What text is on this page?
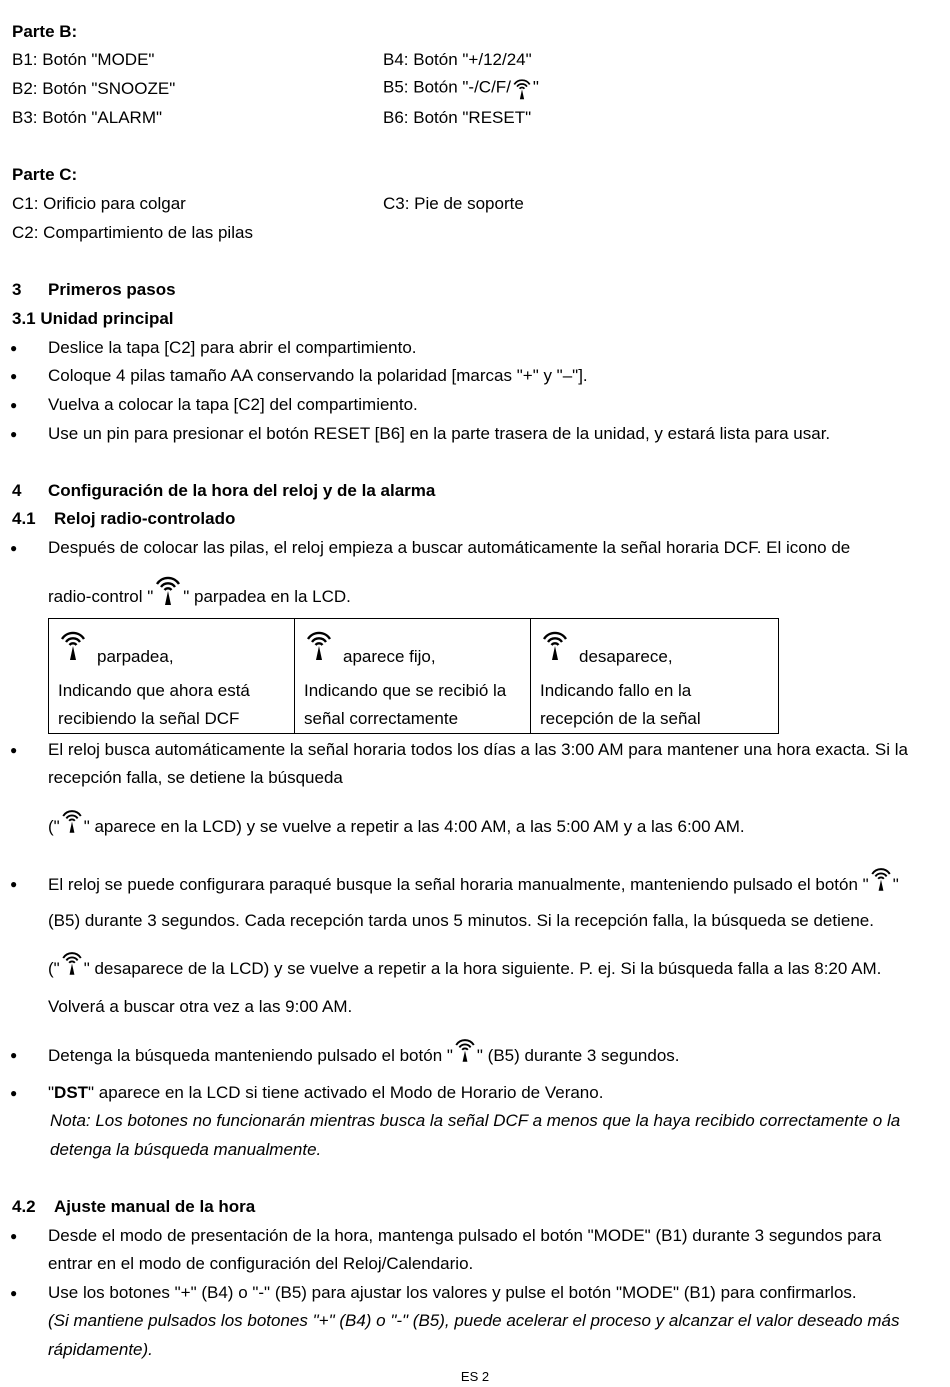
Parte B:
B1: Botón "MODE"
B2: Botón "SNOOZE"
B3: Botón "ALARM"
B4: Botón "+/12/24"
B5: Botón "-/C/F/ "
B6: Botón "RESET"
Parte C:
C1: Orificio para colgar
C2: Compartimiento de las pilas
C3: Pie de soporte
3 Primeros pasos
3.1 Unidad principal
● Deslice la tapa [C2] para abrir el compartimiento.
● Coloque 4 pilas tamaño AA conservando la polaridad [marcas "+" y "–"].
● Vuelva a colocar la tapa [C2] del compartimiento.
● Use un pin para presionar el botón RESET [B6] en la parte trasera de la unidad, y estará lista para usar.
4 Configuración de la hora del reloj y de la alarma
4.1 Reloj radio-controlado
● Después de colocar las pilas, el reloj empieza a buscar automáticamente la señal horaria DCF. El icono de
radio-control " " parpadea en la LCD.
parpadea,
Indicando que ahora está
recibiendo la señal DCF
aparece fijo,
Indicando que se recibió la
señal correctamente
desaparece,
Indicando fallo en la
recepción de la señal
● El reloj busca automáticamente la señal horaria todos los días a las 3:00 AM para mantener una hora exacta. Si la
recepción falla, se detiene la búsqueda
(" " aparece en la LCD) y se vuelve a repetir a las 4:00 AM, a las 5:00 AM y a las 6:00 AM.
● El reloj se puede configurara paraqué busque la señal horaria manualmente, manteniendo pulsado el botón " "
(B5) durante 3 segundos. Cada recepción tarda unos 5 minutos. Si la recepción falla, la búsqueda se detiene.
(" " desaparece de la LCD) y se vuelve a repetir a la hora siguiente. P. ej. Si la búsqueda falla a las 8:20 AM.
Volverá a buscar otra vez a las 9:00 AM.
● Detenga la búsqueda manteniendo pulsado el botón " " (B5) durante 3 segundos.
● "DST" aparece en la LCD si tiene activado el Modo de Horario de Verano.
Nota: Los botones no funcionarán mientras busca la señal DCF a menos que la haya recibido correctamente o la
detenga la búsqueda manualmente.
4.2 Ajuste manual de la hora
● Desde el modo de presentación de la hora, mantenga pulsado el botón "MODE" (B1) durante 3 segundos para
entrar en el modo de configuración del Reloj/Calendario.
● Use los botones "+" (B4) o "-" (B5) para ajustar los valores y pulse el botón "MODE" (B1) para confirmarlos.
(Si mantiene pulsados los botones "+" (B4) o "-" (B5), puede acelerar el proceso y alcanzar el valor deseado más
rápidamente).
ES 2
